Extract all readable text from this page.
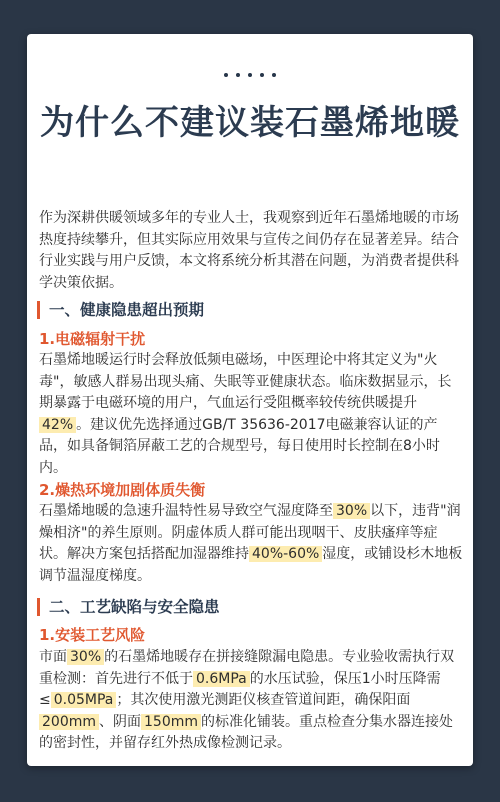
为什么不建议装石墨烯地暖
作为深耕供暖领域多年的专业人士，我观察到近年石墨烯地暖的市场热度持续攀升，但其实际应用效果与宣传之间仍存在显著差异。结合行业实践与用户反馈，本文将系统分析其潜在问题，为消费者提供科学决策依据。
一、健康隐患超出预期
1.电磁辐射干扰
石墨烯地暖运行时会释放低频电磁场，中医理论中将其定义为"火毒"，敏感人群易出现头痛、失眠等亚健康状态。临床数据显示，长期暴露于电磁环境的用户，气血运行受阻概率较传统供暖提升42% 。建议优先选择通过GB/T 35636-2017电磁兼容认证的产品，如具备铜箔屏蔽工艺的合规型号，每日使用时长控制在8小时内。
2.燥热环境加剧体质失衡
石墨烯地暖的急速升温特性易导致空气湿度降至 30% 以下，违背"润燥相济"的养生原则。阴虚体质人群可能出现咽干、皮肤瘙痒等症状。解决方案包括搭配加湿器维持 40%-60% 湿度，或铺设杉木地板调节温湿度梯度。
二、工艺缺陷与安全隐患
1.安装工艺风险
市面 30% 的石墨烯地暖存在拼接缝隙漏电隐患。专业验收需执行双重检测：首先进行不低于 0.6MPa 的水压试验，保压1小时压降需≤ 0.05MPa ；其次使用激光测距仪核查管道间距，确保阳面200mm 、阴面 150mm 的标准化铺装。重点检查分集水器连接处的密封性，并留存红外热成像检测记录。
